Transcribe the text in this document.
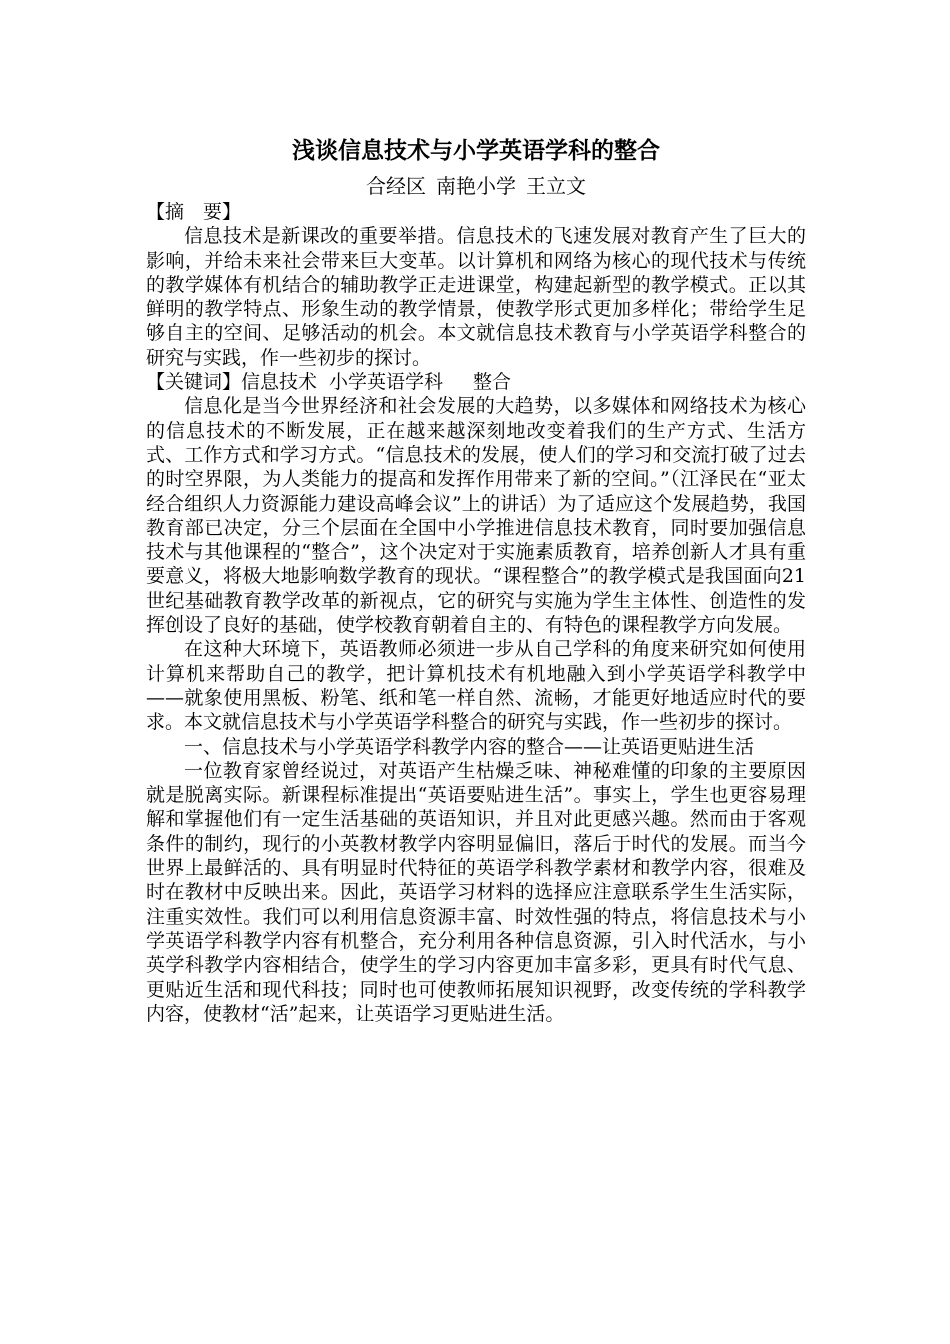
浅谈信息技术与小学英语学科的整合
合经区 南艳小学 王立文

【摘　要】

信息技术是新课改的重要举措。信息技术的飞速发展对教育产生了巨大的影响，并给未来社会带来巨大变革。以计算机和网络为核心的现代技术与传统的教学媒体有机结合的辅助教学正走进课堂，构建起新型的教学模式。正以其鲜明的教学特点、形象生动的教学情景，使教学形式更加多样化；带给学生足够自主的空间、足够活动的机会。本文就信息技术教育与小学英语学科整合的研究与实践，作一些初步的探讨。

【关键词】信息技术 小学英语学科 整合

信息化是当今世界经济和社会发展的大趋势，以多媒体和网络技术为核心的信息技术的不断发展，正在越来越深刻地改变着我们的生产方式、生活方式、工作方式和学习方式。“信息技术的发展，使人们的学习和交流打破了过去的时空界限，为人类能力的提高和发挥作用带来了新的空间。”（江泽民在“亚太经合组织人力资源能力建设高峰会议”上的讲话）为了适应这个发展趋势，我国教育部已决定，分三个层面在全国中小学推进信息技术教育，同时要加强信息技术与其他课程的“整合”，这个决定对于实施素质教育，培养创新人才具有重要意义，将极大地影响数学教育的现状。“课程整合”的教学模式是我国面向21世纪基础教育教学改革的新视点，它的研究与实施为学生主体性、创造性的发挥创设了良好的基础，使学校教育朝着自主的、有特色的课程教学方向发展。

在这种大环境下，英语教师必须进一步从自己学科的角度来研究如何使用计算机来帮助自己的教学，把计算机技术有机地融入到小学英语学科教学中——就象使用黑板、粉笔、纸和笔一样自然、流畅，才能更好地适应时代的要求。本文就信息技术与小学英语学科整合的研究与实践，作一些初步的探讨。

一、信息技术与小学英语学科教学内容的整合——让英语更贴进生活

一位教育家曾经说过，对英语产生枯燥乏味、神秘难懂的印象的主要原因就是脱离实际。新课程标准提出“英语要贴进生活”。事实上，学生也更容易理解和掌握他们有一定生活基础的英语知识，并且对此更感兴趣。然而由于客观条件的制约，现行的小英教材教学内容明显偏旧，落后于时代的发展。而当今世界上最鲜活的、具有明显时代特征的英语学科教学素材和教学内容，很难及时在教材中反映出来。因此，英语学习材料的选择应注意联系学生生活实际，注重实效性。我们可以利用信息资源丰富、时效性强的特点，将信息技术与小学英语学科教学内容有机整合，充分利用各种信息资源，引入时代活水，与小英学科教学内容相结合，使学生的学习内容更加丰富多彩，更具有时代气息、更贴近生活和现代科技；同时也可使教师拓展知识视野，改变传统的学科教学内容，使教材“活”起来，让英语学习更贴进生活。
